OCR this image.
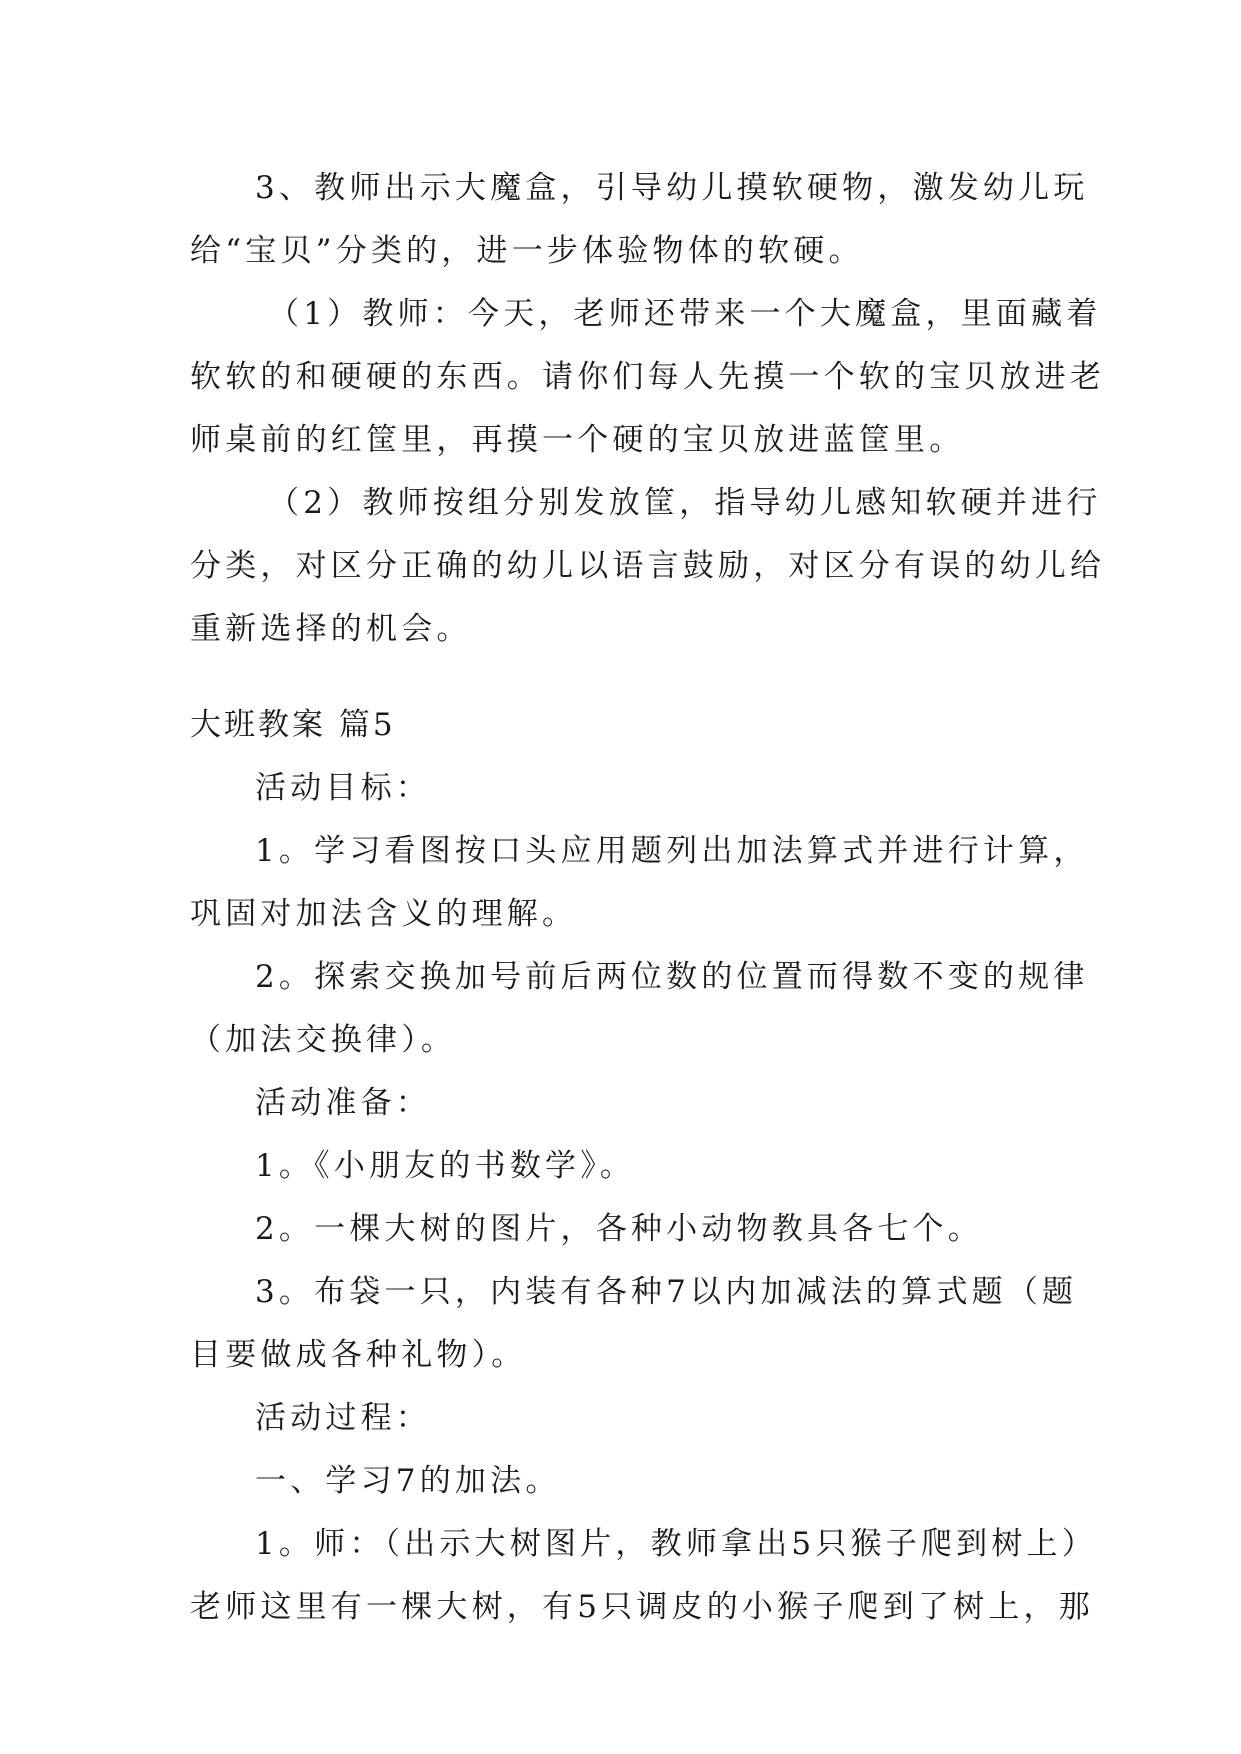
3、教师出示大魔盒，引导幼儿摸软硬物，激发幼儿玩
给“宝贝”分类的，进一步体验物体的软硬。
（1）教师：今天，老师还带来一个大魔盒，里面藏着
软软的和硬硬的东西。请你们每人先摸一个软的宝贝放进老
师桌前的红筐里，再摸一个硬的宝贝放进蓝筐里。
（2）教师按组分别发放筐，指导幼儿感知软硬并进行
分类，对区分正确的幼儿以语言鼓励，对区分有误的幼儿给
重新选择的机会。
大班教案 篇5
活动目标：
1。学习看图按口头应用题列出加法算式并进行计算，
巩固对加法含义的理解。
2。探索交换加号前后两位数的位置而得数不变的规律
（加法交换律）。
活动准备：
1。《小朋友的书数学》。
2。一棵大树的图片，各种小动物教具各七个。
3。布袋一只，内装有各种7以内加减法的算式题（题
目要做成各种礼物）。
活动过程：
一、学习7的加法。
1。师：（出示大树图片，教师拿出5只猴子爬到树上）
老师这里有一棵大树，有5只调皮的小猴子爬到了树上，那
